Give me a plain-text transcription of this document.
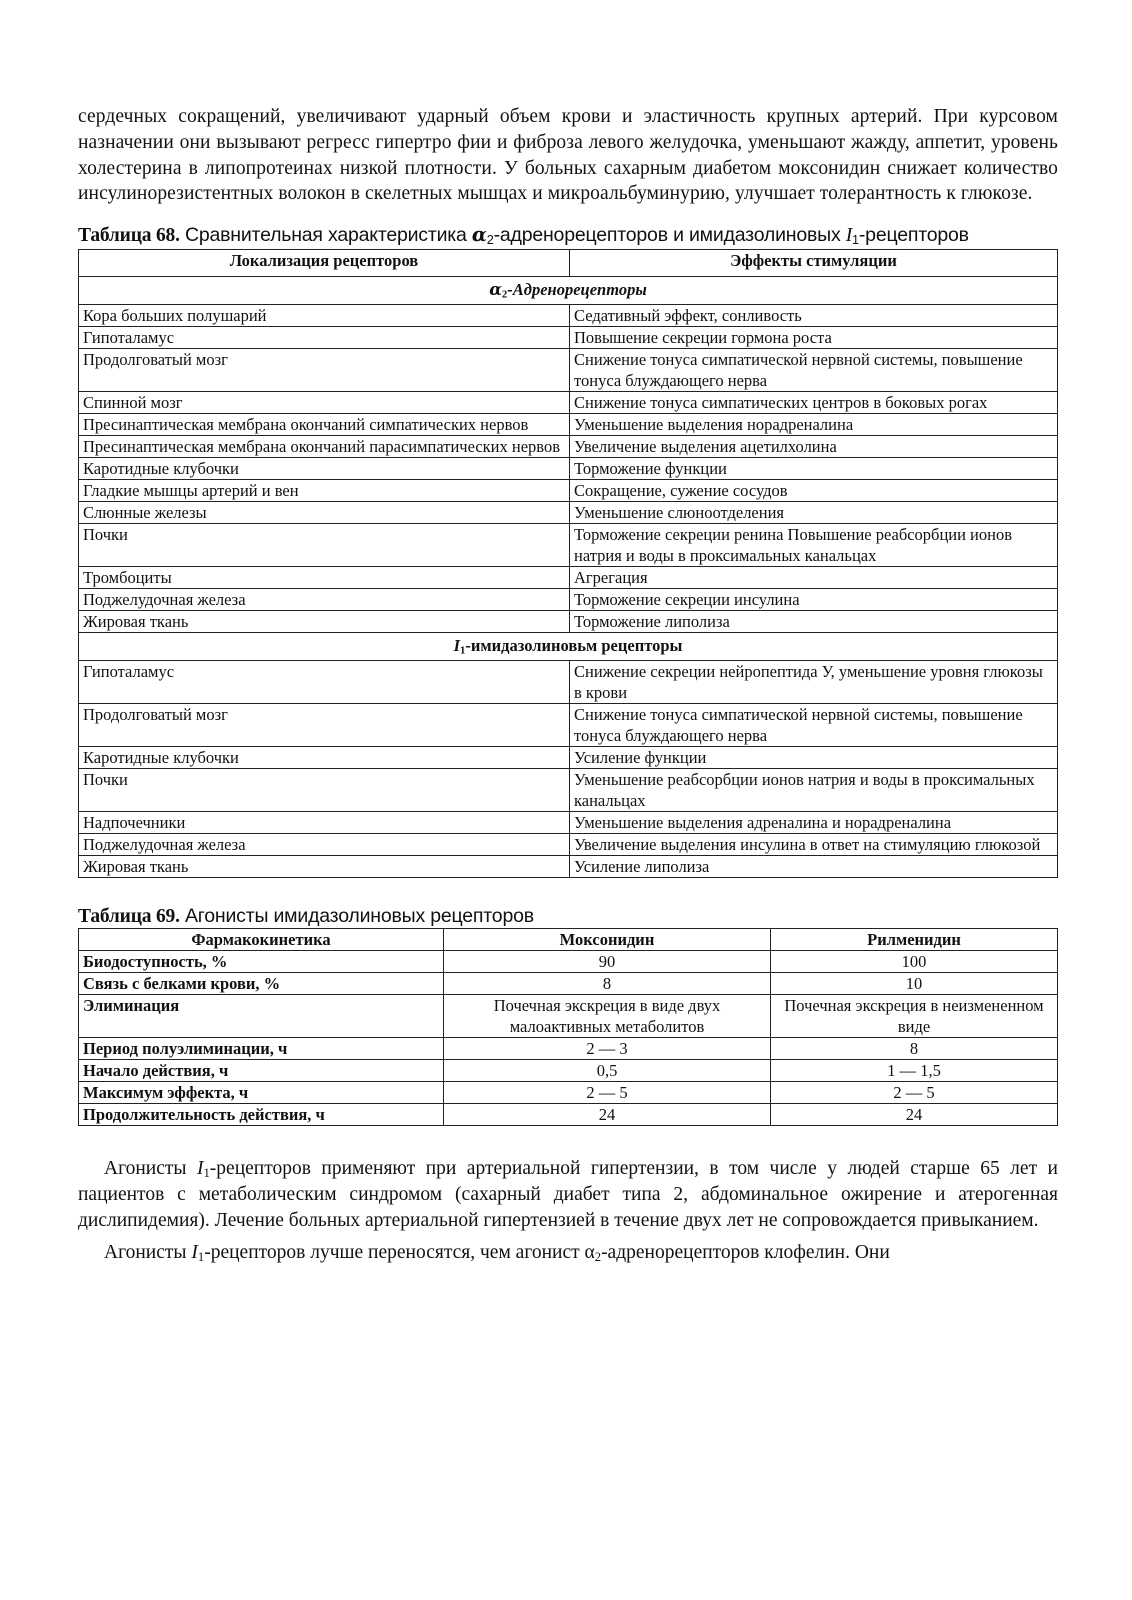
сердечных сокращений, увеличивают ударный объем крови и эластичность крупных артерий. При курсовом назначении они вызывают регресс гипертро фии и фиброза левого желудочка, уменьшают жажду, аппетит, уровень холестерина в липопротеинах низкой плотности. У больных сахарным диабетом моксонидин снижает количество инсулинорезистентных волокон в скелетных мышцах и микроальбуминурию, улучшает толерантность к глюкозе.

Таблица 68. Сравнительная характеристика $\alpha_2$-адренорецепторов и имидазолиновых $I_1$-рецепторов

Локализация рецепторов	Эффекты стимуляции
$\alpha_2$-Адренорецепторы	
Кора больших полушарий	Седативный эффект, сонливость
Гипоталамус	Повышение секреции гормона роста
Продолговатый мозг	Снижение тонуса симпатической нервной системы, повышение тонуса блуждающего нерва
Спинной мозг	Снижение тонуса симпатических центров в боковых рогах
Пресинаптическая мембрана окончаний симпатических нервов	Уменьшение выделения норадреналина
Пресинаптическая мембрана окончаний парасимпатических нервов	Увеличение выделения ацетилхолина
Каротидные клубочки	Торможение функции
Гладкие мышцы артерий и вен	Сокращение, сужение сосудов
Слюнные железы	Уменьшение слюноотделения
Почки	Торможение секреции ренина Повышение реабсорбции ионов натрия и воды в проксимальных канальцах
Тромбоциты	Агрегация
Поджелудочная железа	Торможение секреции инсулина
Жировая ткань	Торможение липолиза
$I_1$-имидазолиновьм рецепторы	
Гипоталамус	Снижение секреции нейропептида У, уменьшение уровня глюкозы в крови
Продолговатый мозг	Снижение тонуса симпатической нервной системы, повышение тонуса блуждающего нерва
Каротидные клубочки	Усиление функции
Почки	Уменьшение реабсорбции ионов натрия и воды в проксимальных канальцах
Надпочечники	Уменьшение выделения адреналина и норадреналина
Поджелудочная железа	Увеличение выделения инсулина в ответ на стимуляцию глюкозой
Жировая ткань	Усиление липолиза

Таблица 69. Агонисты имидазолиновых рецепторов

Фармакокинетика	Моксонидин	Рилменидин
Биодоступность, %	90	100
Связь с белками крови, %	8	10
Элиминация	Почечная экскреция в виде двух малоактивных метаболитов	Почечная экскреция в неизмененном виде
Период полуэлиминации, ч	2 — 3	8
Начало действия, ч	0,5	1 — 1,5
Максимум эффекта, ч	2 — 5	2 — 5
Продолжительность действия, ч	24	24

Агонисты $I_1$-рецепторов применяют при артериальной гипертензии, в том числе у людей старше 65 лет и пациентов с метаболическим синдромом (сахарный диабет типа 2, абдоминальное ожирение и атерогенная дислипидемия). Лечение больных артериальной гипертензией в течение двух лет не сопровождается привыканием.

Агонисты $I_1$-рецепторов лучше переносятся, чем агонист $\alpha_2$-адренорецепторов клофелин. Они
